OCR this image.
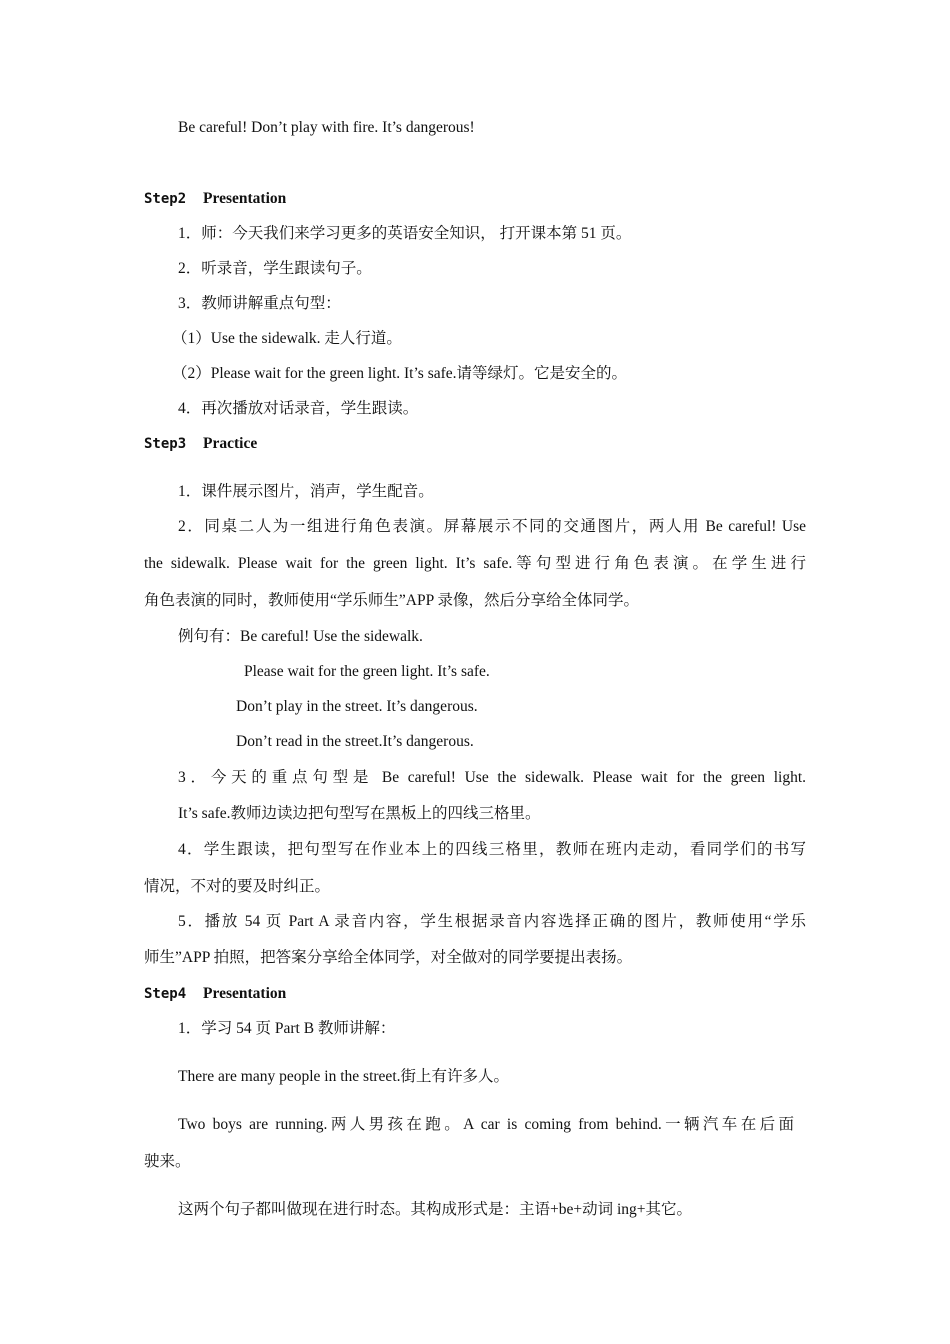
Be careful! Don’t play with fire. It’s dangerous!
Step2 Presentation
1．师：今天我们来学习更多的英语安全知识， 打开课本第 51 页。
2．听录音，学生跟读句子。
3．教师讲解重点句型：
（1）Use the sidewalk. 走人行道。
（2）Please wait for the green light. It’s safe.请等绿灯。它是安全的。
4．再次播放对话录音，学生跟读。
Step3 Practice
1．课件展示图片，消声，学生配音。
2．同桌二人为一组进行角色表演。屏幕展示不同的交通图片，两人用 Be careful! Use
the sidewalk. Please wait for the green light. It’s safe.等句型进行角色表演。在学生进行
角色表演的同时，教师使用“学乐师生”APP 录像，然后分享给全体同学。
例句有：Be careful! Use the sidewalk.
Please wait for the green light. It’s safe.
Don’t play in the street. It’s dangerous.
Don’t read in the street.It’s dangerous.
3．今天的重点句型是 Be careful! Use the sidewalk. Please wait for the green light.
It’s safe.教师边读边把句型写在黑板上的四线三格里。
4．学生跟读，把句型写在作业本上的四线三格里，教师在班内走动，看同学们的书写
情况，不对的要及时纠正。
5．播放 54 页 Part A 录音内容，学生根据录音内容选择正确的图片，教师使用“学乐
师生”APP 拍照，把答案分享给全体同学，对全做对的同学要提出表扬。
Step4 Presentation
1．学习 54 页 Part B 教师讲解：
There are many people in the street.街上有许多人。
Two boys are running.两人男孩在跑。A car is coming from behind.一辆汽车在后面
驶来。
这两个句子都叫做现在进行时态。其构成形式是：主语+be+动词 ing+其它。
